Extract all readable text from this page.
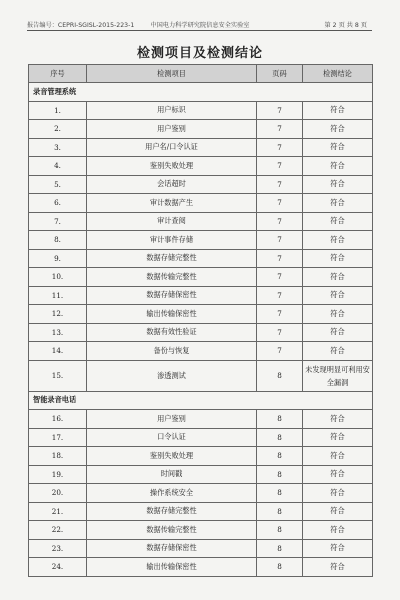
报告编号：CEPRI-SGISL-2015-223-1	中国电力科学研究院信息安全实验室	第 2 页 共 8 页
检测项目及检测结论
序号	检测项目	页码	检测结论
录音管理系统			
1.	用户标识	7	符合
2.	用户鉴别	7	符合
3.	用户名/口令认证	7	符合
4.	鉴别失败处理	7	符合
5.	会话超时	7	符合
6.	审计数据产生	7	符合
7.	审计查阅	7	符合
8.	审计事件存储	7	符合
9.	数据存储完整性	7	符合
10.	数据传输完整性	7	符合
11.	数据存储保密性	7	符合
12.	输出传输保密性	7	符合
13.	数据有效性验证	7	符合
14.	备份与恢复	7	符合
15.	渗透测试	8	未发现明显可利用安全漏洞
智能录音电话			
16.	用户鉴别	8	符合
17.	口令认证	8	符合
18.	鉴别失败处理	8	符合
19.	时间戳	8	符合
20.	操作系统安全	8	符合
21.	数据存储完整性	8	符合
22.	数据传输完整性	8	符合
23.	数据存储保密性	8	符合
24.	输出传输保密性	8	符合
